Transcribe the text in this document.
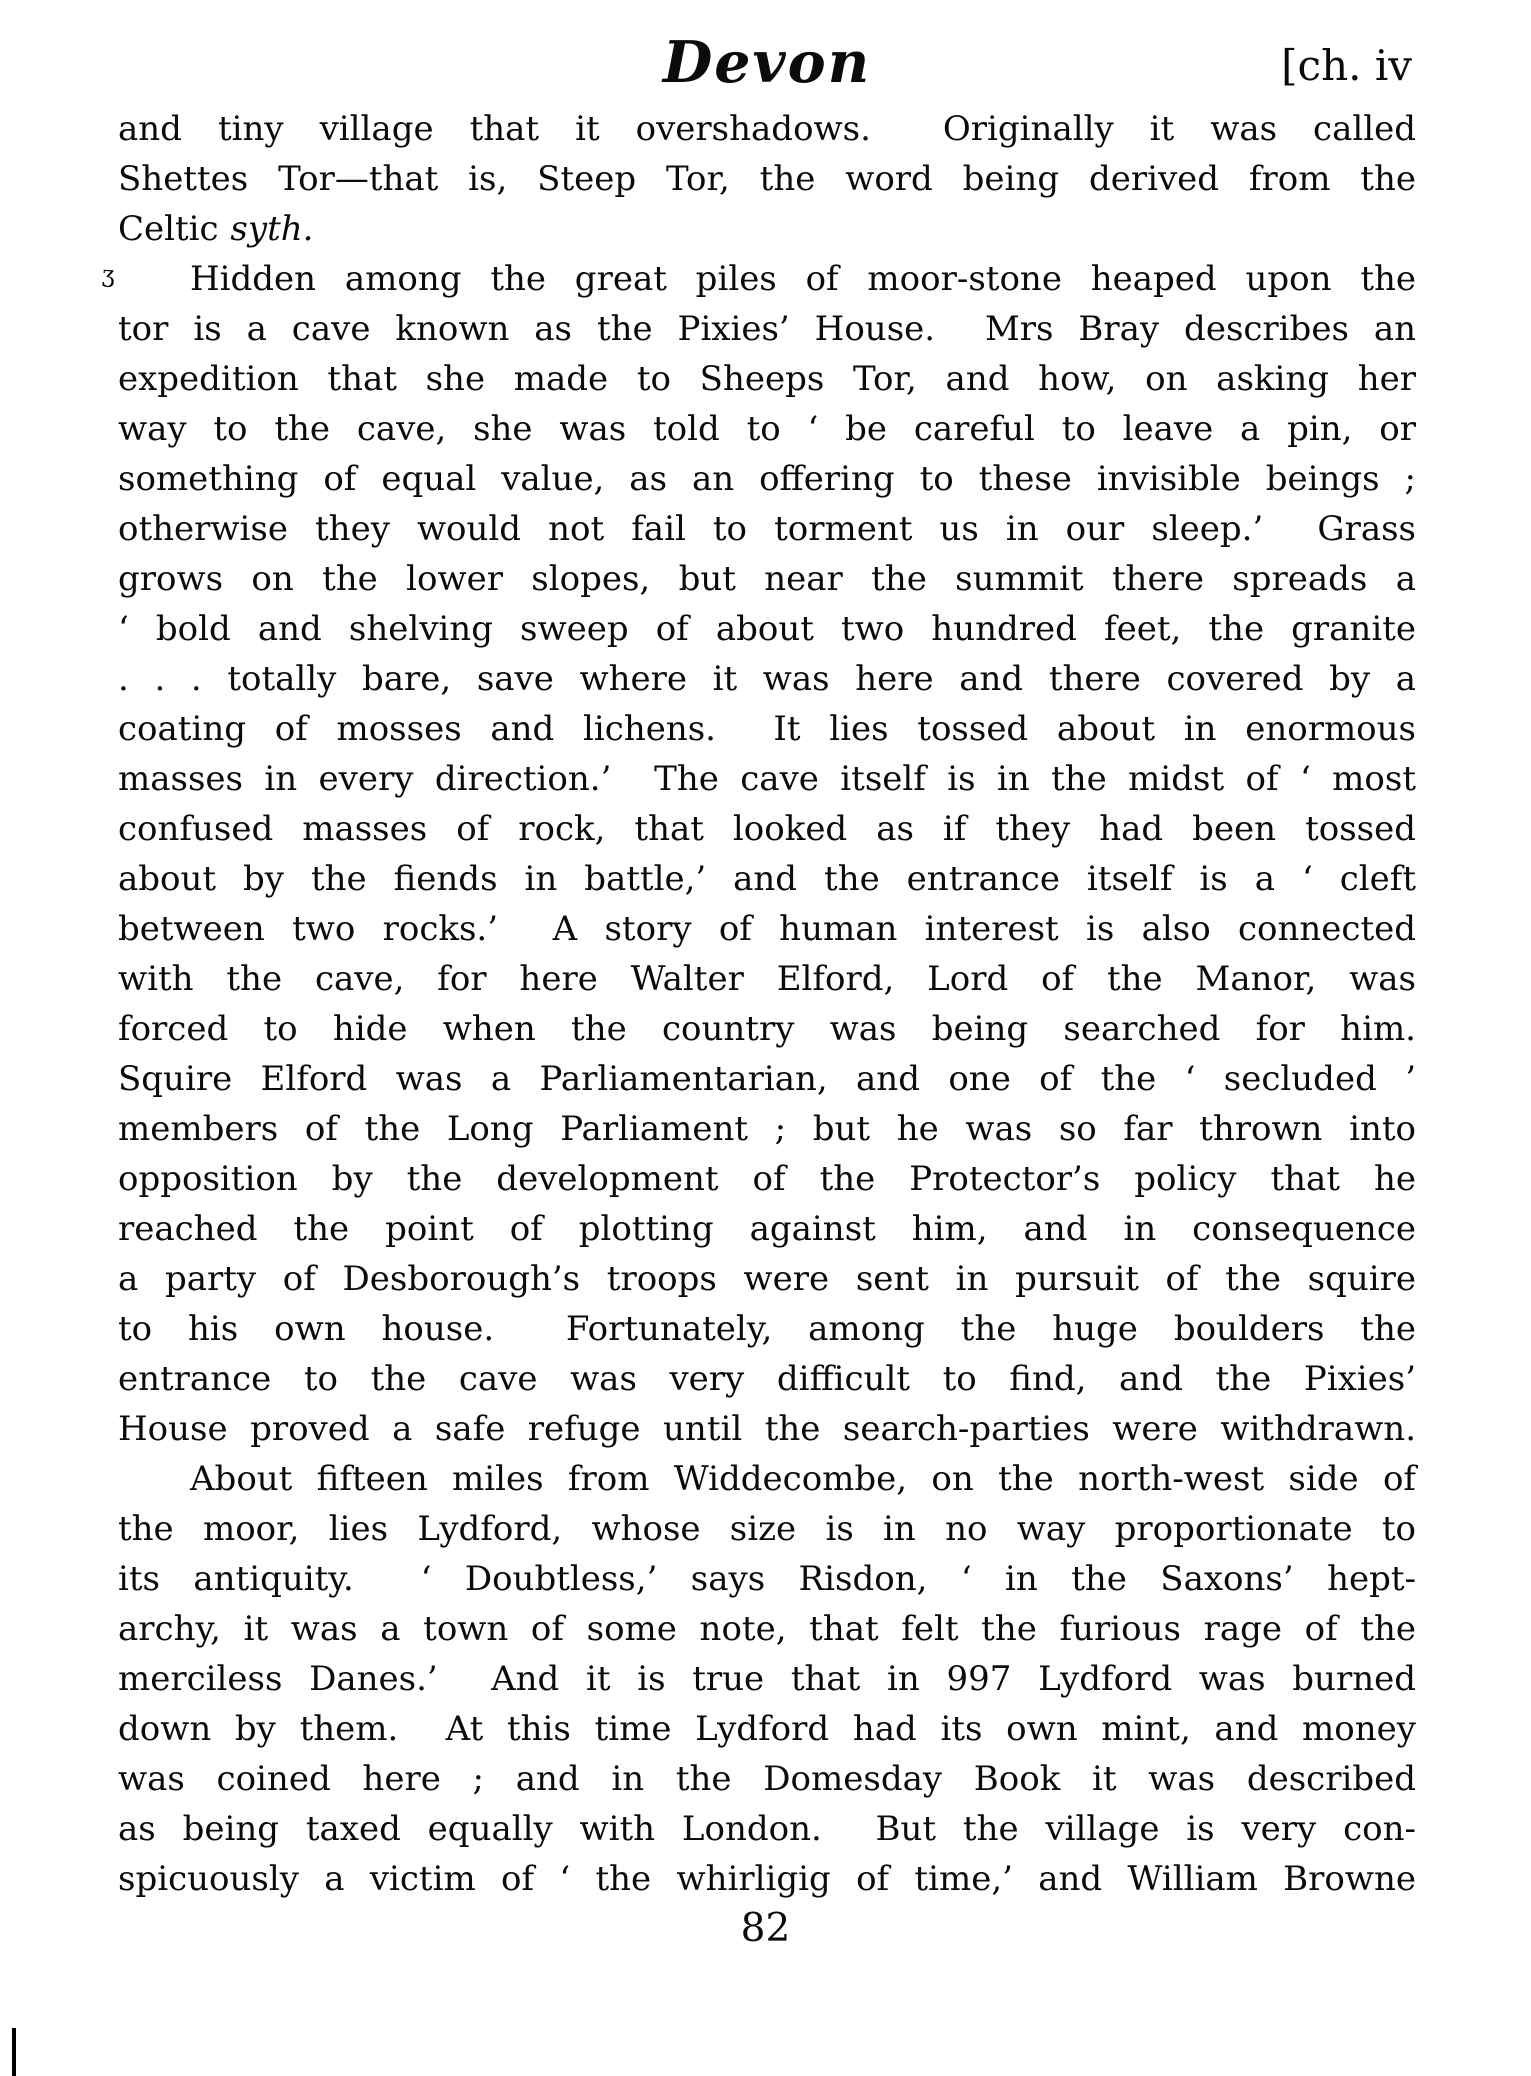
Devon	[ch. iv
and tiny village that it overshadows.  Originally it was called
Shettes Tor—that is, Steep Tor, the word being derived from the
Celtic syth.
ʒ Hidden among the great piles of moor-stone heaped upon the
tor is a cave known as the Pixies’ House.  Mrs Bray describes an
expedition that she made to Sheeps Tor, and how, on asking her
way to the cave, she was told to ‘ be careful to leave a pin, or
something of equal value, as an offering to these invisible beings ;
otherwise they would not fail to torment us in our sleep.’  Grass
grows on the lower slopes, but near the summit there spreads a
‘ bold and shelving sweep of about two hundred feet, the granite
. . . totally bare, save where it was here and there covered by a
coating of mosses and lichens.  It lies tossed about in enormous
masses in every direction.’  The cave itself is in the midst of ‘ most
confused masses of rock, that looked as if they had been tossed
about by the fiends in battle,’ and the entrance itself is a ‘ cleft
between two rocks.’  A story of human interest is also connected
with the cave, for here Walter Elford, Lord of the Manor, was
forced to hide when the country was being searched for him.
Squire Elford was a Parliamentarian, and one of the ‘ secluded ’
members of the Long Parliament ; but he was so far thrown into
opposition by the development of the Protector’s policy that he
reached the point of plotting against him, and in consequence
a party of Desborough’s troops were sent in pursuit of the squire
to his own house.  Fortunately, among the huge boulders the
entrance to the cave was very difficult to find, and the Pixies’
House proved a safe refuge until the search-parties were withdrawn.
About fifteen miles from Widdecombe, on the north-west side of
the moor, lies Lydford, whose size is in no way proportionate to
its antiquity.  ‘ Doubtless,’ says Risdon, ‘ in the Saxons’ hept-
archy, it was a town of some note, that felt the furious rage of the
merciless Danes.’  And it is true that in 997 Lydford was burned
down by them.  At this time Lydford had its own mint, and money
was coined here ; and in the Domesday Book it was described
as being taxed equally with London.  But the village is very con-
spicuously a victim of ‘ the whirligig of time,’ and William Browne
82
